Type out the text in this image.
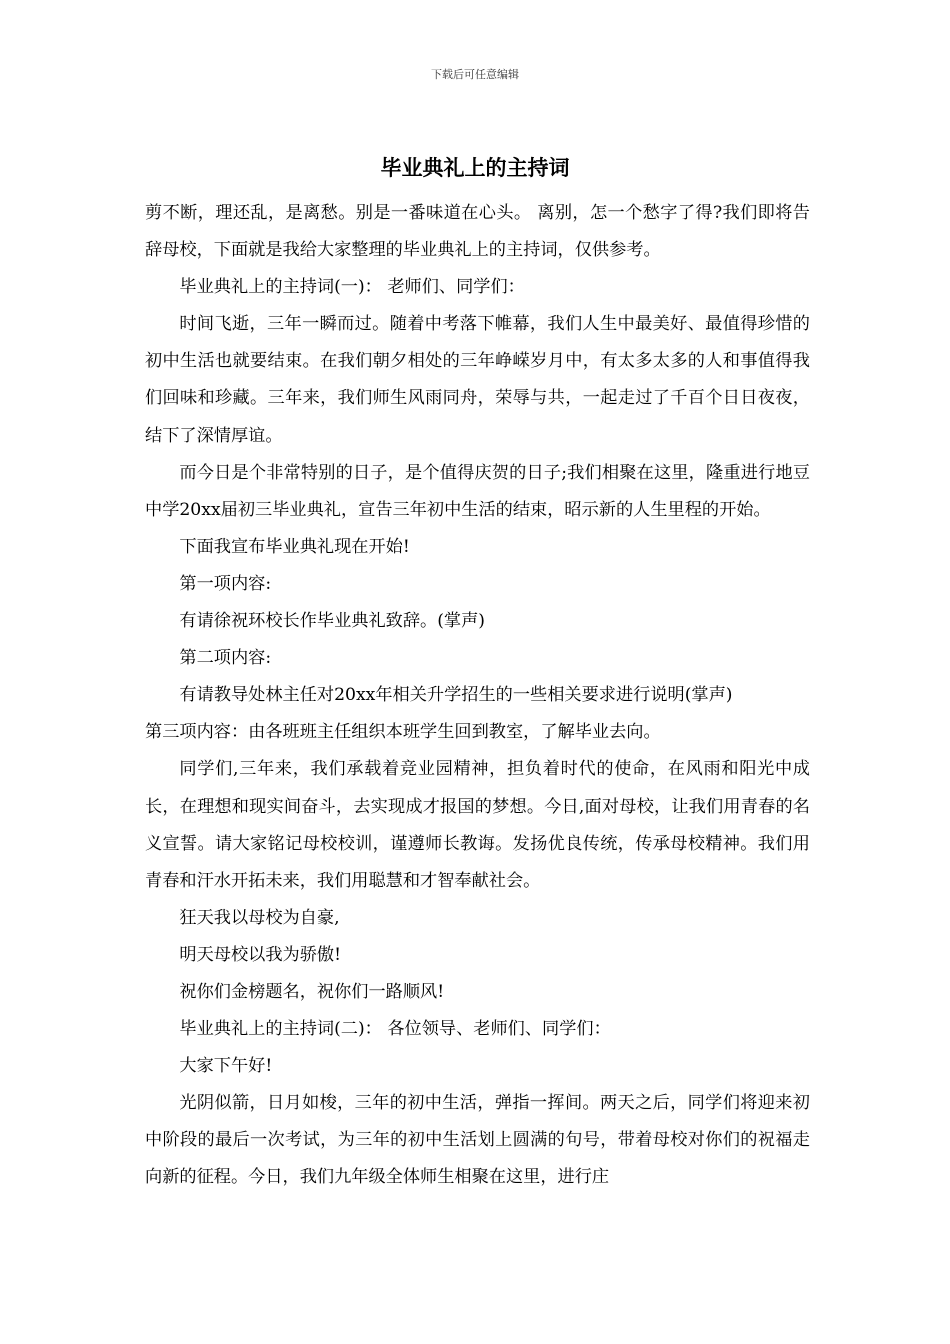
下载后可任意编辑
毕业典礼上的主持词

剪不断，理还乱，是离愁。别是一番味道在心头。 离别，怎一个愁字了得?我们即将告辞母校，下面就是我给大家整理的毕业典礼上的主持词，仅供参考。

毕业典礼上的主持词(一)： 老师们、同学们：

时间飞逝，三年一瞬而过。随着中考落下帷幕，我们人生中最美好、最值得珍惜的初中生活也就要结束。在我们朝夕相处的三年峥嵘岁月中，有太多太多的人和事值得我们回味和珍藏。三年来，我们师生风雨同舟，荣辱与共，一起走过了千百个日日夜夜，结下了深情厚谊。

而今日是个非常特别的日子，是个值得庆贺的日子;我们相聚在这里，隆重进行地豆中学20xx届初三毕业典礼，宣告三年初中生活的结束，昭示新的人生里程的开始。

下面我宣布毕业典礼现在开始!

第一项内容:

有请徐祝环校长作毕业典礼致辞。(掌声)

第二项内容:

有请教导处林主任对20xx年相关升学招生的一些相关要求进行说明(掌声)

第三项内容：由各班班主任组织本班学生回到教室，了解毕业去向。

同学们,三年来，我们承载着竞业园精神，担负着时代的使命，在风雨和阳光中成长，在理想和现实间奋斗，去实现成才报国的梦想。今日,面对母校，让我们用青春的名义宣誓。请大家铭记母校校训，谨遵师长教诲。发扬优良传统，传承母校精神。我们用青春和汗水开拓未来，我们用聪慧和才智奉献社会。

狂天我以母校为自豪,

明天母校以我为骄傲!

祝你们金榜题名，祝你们一路顺风!

毕业典礼上的主持词(二)： 各位领导、老师们、同学们：

大家下午好!

光阴似箭，日月如梭，三年的初中生活，弹指一挥间。两天之后，同学们将迎来初中阶段的最后一次考试，为三年的初中生活划上圆满的句号，带着母校对你们的祝福走向新的征程。今日，我们九年级全体师生相聚在这里，进行庄
